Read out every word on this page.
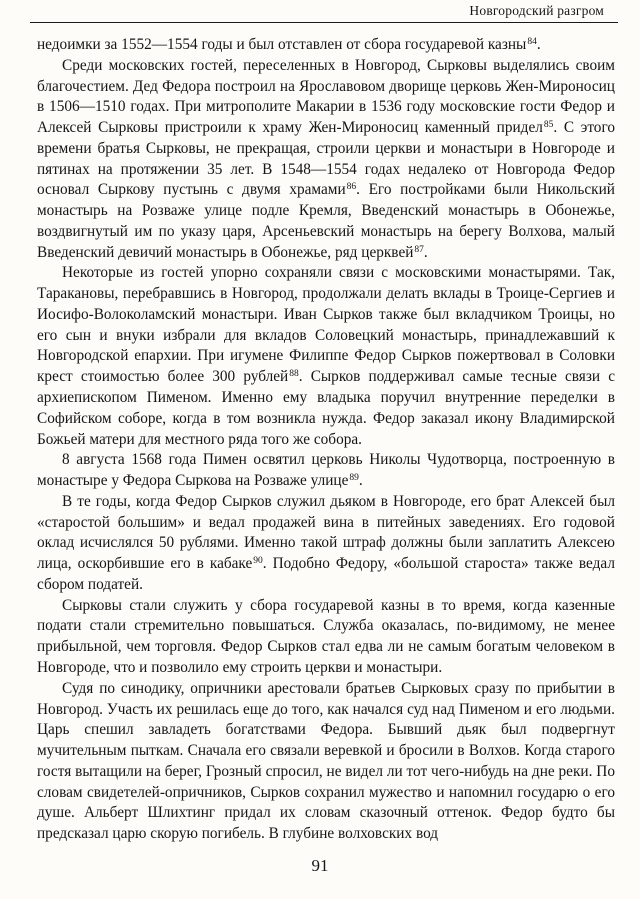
Новгородский разгром

недоимки за 1552—1554 годы и был отставлен от сбора государевой казны$^{84}$.

Среди московских гостей, переселенных в Новгород, Сырковы выделялись своим благочестием. Дед Федора построил на Ярославовом дворище церковь Жен-Мироносиц в 1506—1510 годах. При митрополите Макарии в 1536 году московские гости Федор и Алексей Сырковы пристроили к храму Жен-Мироносиц каменный придел$^{85}$. С этого времени братья Сырковы, не прекращая, строили церкви и монастыри в Новгороде и пятинах на протяжении 35 лет. В 1548—1554 годах недалеко от Новгорода Федор основал Сыркову пустынь с двумя храмами$^{86}$. Его постройками были Никольский монастырь на Розваже улице подле Кремля, Введенский монастырь в Обонежье, воздвигнутый им по указу царя, Арсеньевский монастырь на берегу Волхова, малый Введенский девичий монастырь в Обонежье, ряд церквей$^{87}$.

Некоторые из гостей упорно сохраняли связи с московскими монастырями. Так, Таракановы, перебравшись в Новгород, продолжали делать вклады в Троице-Сергиев и Иосифо-Волоколамский монастыри. Иван Сырков также был вкладчиком Троицы, но его сын и внуки избрали для вкладов Соловецкий монастырь, принадлежавший к Новгородской епархии. При игумене Филиппе Федор Сырков пожертвовал в Соловки крест стоимостью более 300 рублей$^{88}$. Сырков поддерживал самые тесные связи с архиепископом Пименом. Именно ему владыка поручил внутренние переделки в Софийском соборе, когда в том возникла нужда. Федор заказал икону Владимирской Божьей матери для местного ряда того же собора.

8 августа 1568 года Пимен освятил церковь Николы Чудотворца, построенную в монастыре у Федора Сыркова на Розваже улице$^{89}$.

В те годы, когда Федор Сырков служил дьяком в Новгороде, его брат Алексей был «старостой большим» и ведал продажей вина в питейных заведениях. Его годовой оклад исчислялся 50 рублями. Именно такой штраф должны были заплатить Алексею лица, оскорбившие его в кабаке$^{90}$. Подобно Федору, «большой староста» также ведал сбором податей.

Сырковы стали служить у сбора государевой казны в то время, когда казенные подати стали стремительно повышаться. Служба оказалась, по-видимому, не менее прибыльной, чем торговля. Федор Сырков стал едва ли не самым богатым человеком в Новгороде, что и позволило ему строить церкви и монастыри.

Судя по синодику, опричники арестовали братьев Сырковых сразу по прибытии в Новгород. Участь их решилась еще до того, как начался суд над Пименом и его людьми. Царь спешил завладеть богатствами Федора. Бывший дьяк был подвергнут мучительным пыткам. Сначала его связали веревкой и бросили в Волхов. Когда старого гостя вытащили на берег, Грозный спросил, не видел ли тот чего-нибудь на дне реки. По словам свидетелей-опричников, Сырков сохранил мужество и напомнил государю о его душе. Альберт Шлихтинг придал их словам сказочный оттенок. Федор будто бы предсказал царю скорую погибель. В глубине волховских вод

91
